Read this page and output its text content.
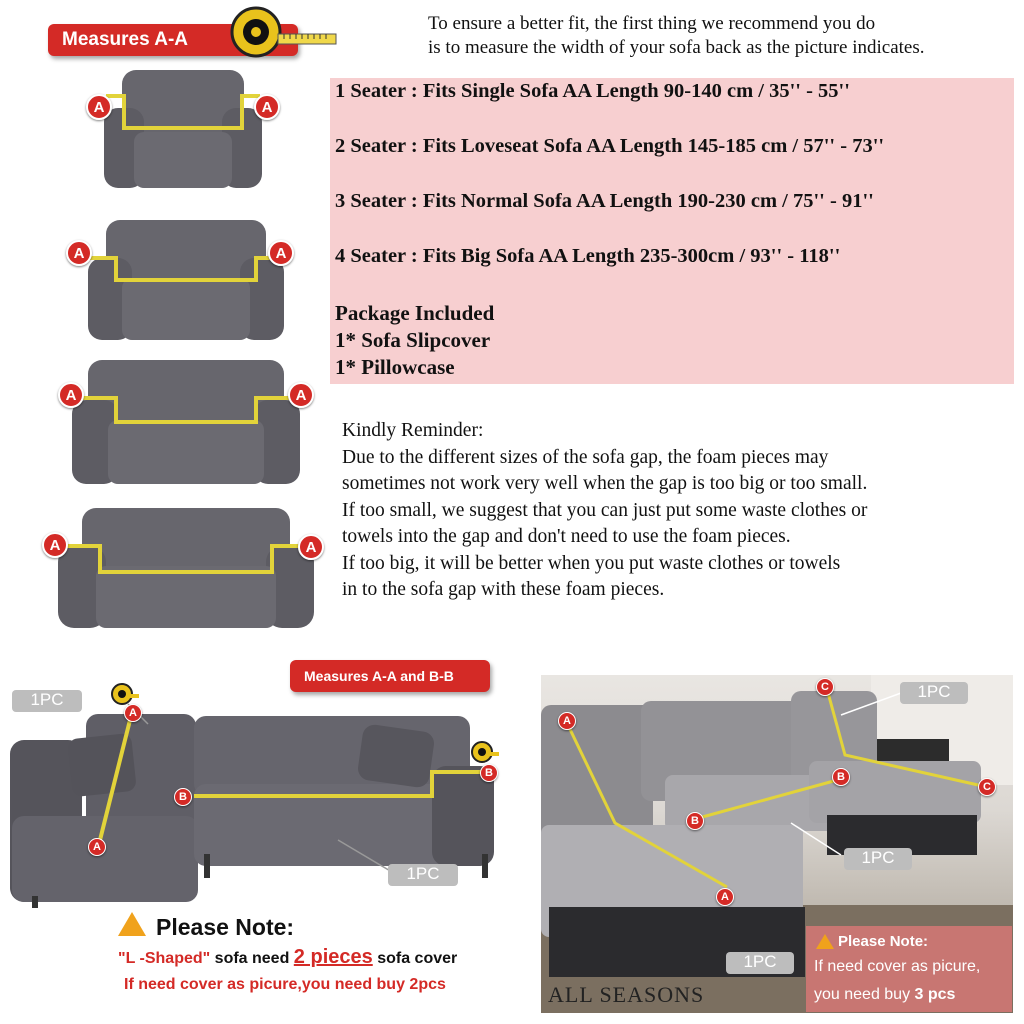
Measures A-A
To ensure a better fit, the first thing we recommend you do
is to measure the width of your sofa back as the picture indicates.
1 Seater : Fits Single Sofa AA Length 90-140 cm / 35'' - 55''
2 Seater : Fits Loveseat Sofa AA Length 145-185 cm / 57'' - 73''
3 Seater : Fits Normal Sofa AA Length 190-230 cm / 75'' - 91''
4 Seater : Fits Big Sofa AA Length 235-300cm / 93'' - 118''
Package Included
1* Sofa Slipcover
1* Pillowcase
Kindly Reminder:
Due to the different sizes of the sofa gap, the foam pieces may
sometimes not work very well when the gap is too big or too small.
If too small, we suggest that you can just put some waste clothes or
towels into the gap and don't need to use the foam pieces.
If too big, it will be better when you put waste clothes or towels
in to the sofa gap with these foam pieces.
A	A
A	A
A	A
A	A
Measures A-A and B-B
1PC
1PC
A
A
B
B
Please Note:
"L -Shaped" sofa need 2 pieces sofa cover
If need cover as picure,you need buy 2pcs
A
A
B
B
C
C
1PC
1PC
1PC
ALL SEASONS
Please Note:
If need cover as picure,
you need buy 3 pcs
